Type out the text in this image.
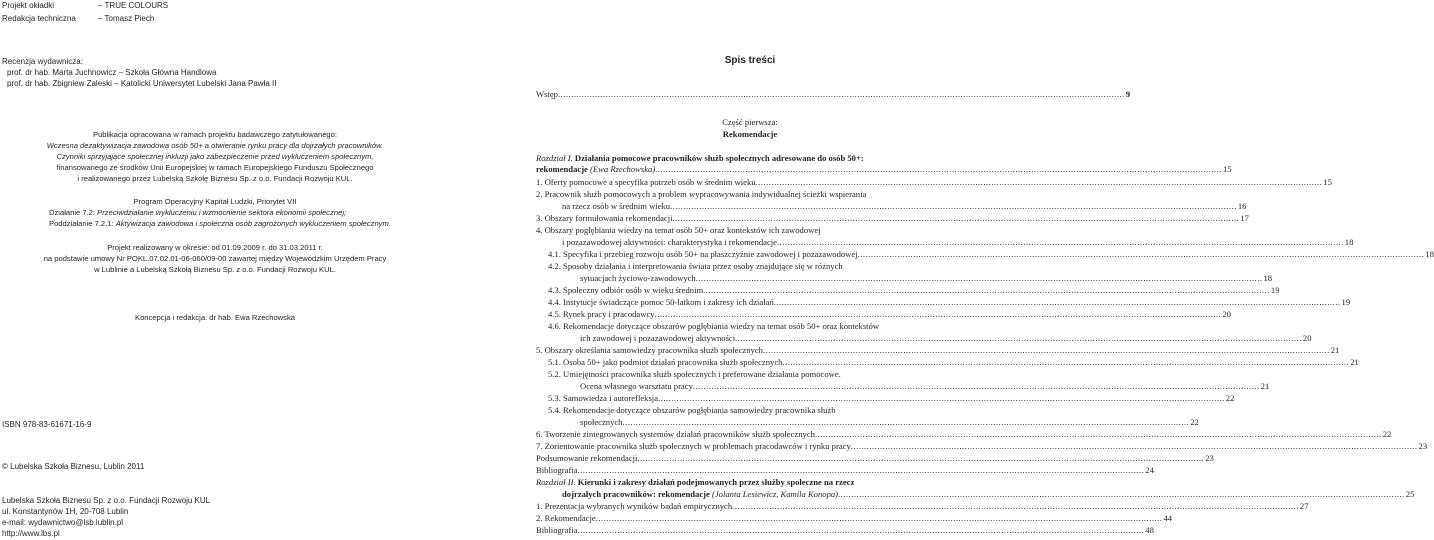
Projekt okładki	– TRUE COLOURS
Redakcja techniczna	– Tomasz Piech
Recenzja wydawnicza:
prof. dr hab. Marta Juchnowicz – Szkoła Główna Handlowa
prof. dr hab. Zbigniew Zaleski – Katolicki Uniwersytet Lubelski Jana Pawła II
Publikacja opracowana w ramach projektu badawczego zatytułowanego:
Wczesna dezaktywizacja zawodowa osób 50+ a otwieranie rynku pracy dla dojrzałych pracowników.
Czynniki sprzyjające społecznej inkluzji jako zabezpieczenie przed wykluczeniem społecznym,
finansowanego ze środków Unii Europejskiej w ramach Europejskiego Funduszu Społecznego
i realizowanego przez Lubelską Szkołę Biznesu Sp. z o.o. Fundacji Rozwoju KUL.
Program Operacyjny Kapitał Ludzki, Priorytet VII
Działanie 7.2: Przeciwdziałanie wykluczeniu i wzmocnienie sektora ekonomii społecznej;
Poddziałanie 7.2.1: Aktywizacja zawodowa i społeczna osób zagrożonych wykluczeniem społecznym.
Projekt realizowany w okresie: od 01.09.2009 r. do 31.03.2011 r.
na podstawie umowy Nr POKL.07.02.01-06-060/09-00 zawartej między Wojewódzkim Urzędem Pracy
w Lublinie a Lubelską Szkołą Biznesu Sp. z o.o. Fundacji Rozwoju KUL.
Koncepcja i redakcja: dr hab. Ewa Rzechowska
ISBN 978-83-61671-16-9
© Lubelska Szkoła Biznesu, Lublin 2011
Lubelska Szkoła Biznesu Sp. z o.o. Fundacji Rozwoju KUL
ul. Konstantynów 1H, 20-708 Lublin
e-mail: wydawnictwo@lsb.lublin.pl
http://www.lbs.pl
Spis treści
Wstęp .....	9
Część pierwsza:
Rekomendacje
Rozdział I. Działania pomocowe pracowników służb społecznych adresowane do osób 50+:
rekomendacje (Ewa Rzechowska) .....	15
1. Oferty pomocowe a specyfika potrzeb osób w średnim wieku .....	15
2. Pracownik służb pomocowych a problem wypracowywania indywidualnej ścieżki wspierania
na rzecz osób w średnim wieku .....	16
3. Obszary formułowania rekomendacji .....	17
4. Obszary pogłębiania wiedzy na temat osób 50+ oraz kontekstów ich zawodowej
i pozazawodowej aktywności: charakterystyka i rekomendacje .....	18
4.1. Specyfika i przebieg rozwoju osób 50+ na płaszczyźnie zawodowej i pozazawodowej .....	18
4.2. Sposoby działania i interpretowania świata przez osoby znajdujące się w różnych
sytuacjach życiowo-zawodowych .....	18
4.3. Społeczny odbiór osób w wieku średnim .....	19
4.4. Instytucje świadczące pomoc 50-latkom i zakresy ich działań .....	19
4.5. Rynek pracy i pracodawcy .....	20
4.6. Rekomendacje dotyczące obszarów pogłębiania wiedzy na temat osób 50+ oraz kontekstów
ich zawodowej i pozazawodowej aktywności .....	20
5. Obszary określania samowiedzy pracownika służb społecznych .....	21
5.1. Osoba 50+ jako podmiot działań pracownika służb społecznych .....	21
5.2. Umiejętności pracownika służb społecznych i preferowane działania pomocowe.
Ocena własnego warsztatu pracy .....	21
5.3. Samowiedza i autorefleksja .....	22
5.4. Rekomendacje dotyczące obszarów pogłębiania samowiedzy pracownika służb
społecznych .....	22
6. Tworzenie zintegrowanych systemów działań pracowników służb społecznych .....	22
7. Zorientowanie pracownika służb społecznych w problemach pracodawców i rynku pracy .....	23
Podsumowanie rekomendacji .....	23
Bibliografia .....	24
Rozdział II. Kierunki i zakresy działań podejmowanych przez służby społeczne na rzecz
dojrzałych pracowników: rekomendacje (Jolanta Lesiewicz, Kamila Konopa) .....	25
1. Prezentacja wybranych wyników badań empirycznych .....	27
2. Rekomendacje .....	44
Bibliografia .....	48
